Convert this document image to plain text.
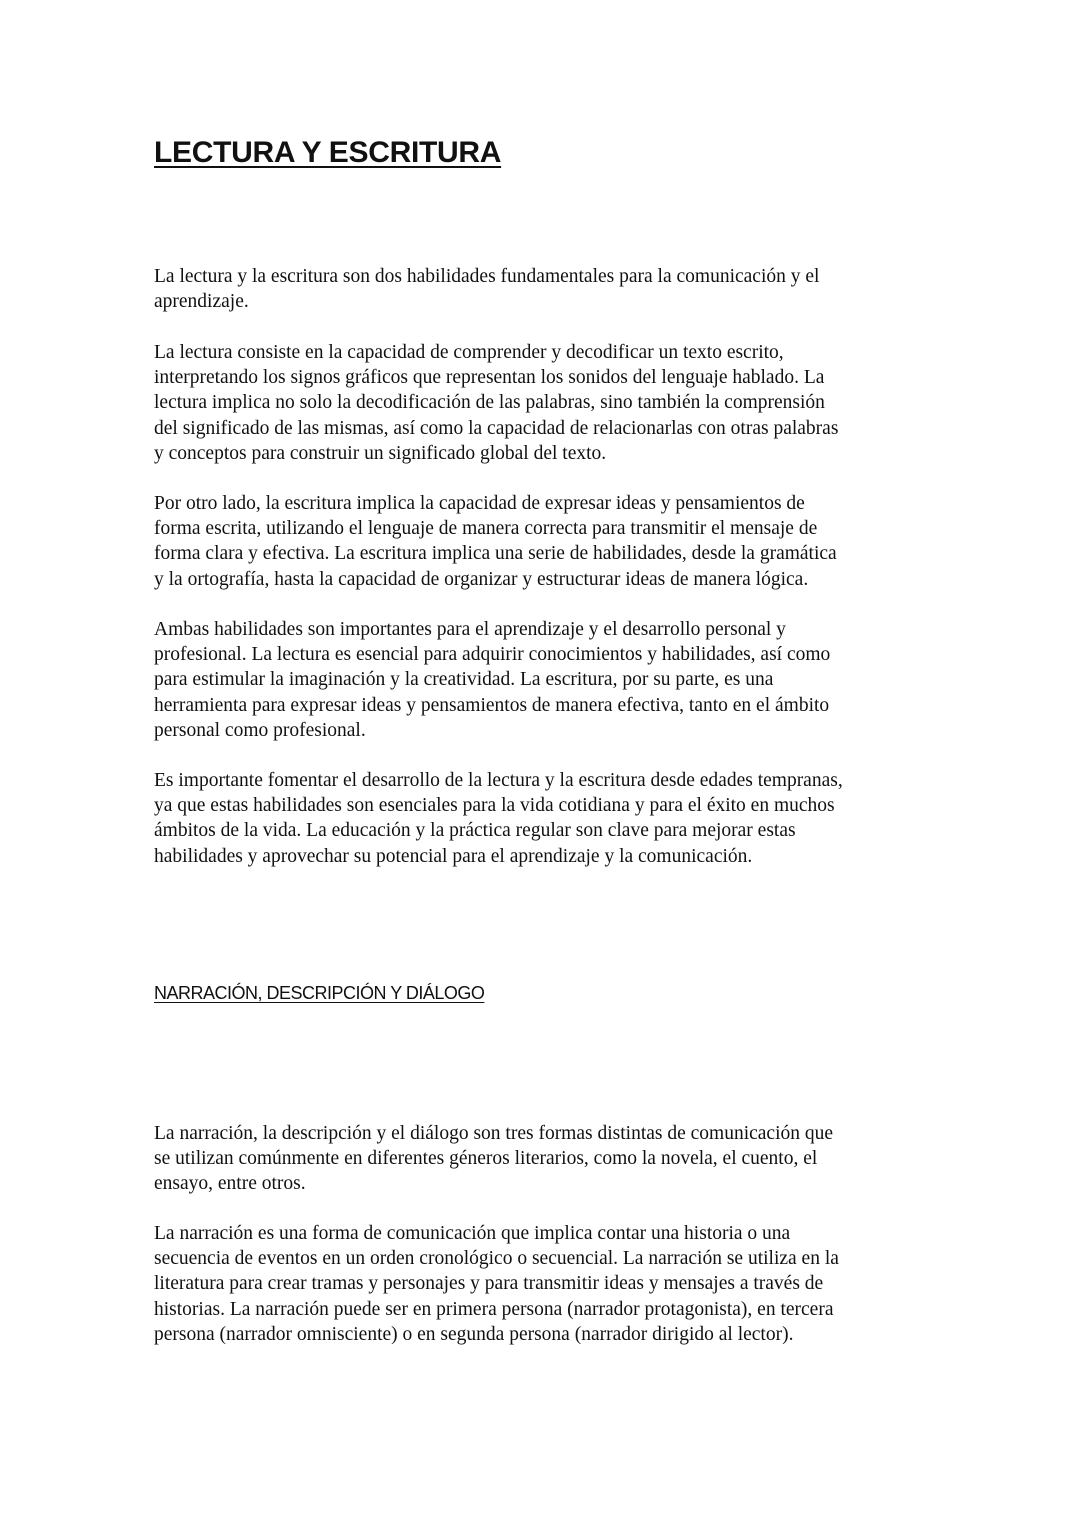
LECTURA Y ESCRITURA

La lectura y la escritura son dos habilidades fundamentales para la comunicación y el
aprendizaje.

La lectura consiste en la capacidad de comprender y decodificar un texto escrito,
interpretando los signos gráficos que representan los sonidos del lenguaje hablado. La
lectura implica no solo la decodificación de las palabras, sino también la comprensión
del significado de las mismas, así como la capacidad de relacionarlas con otras palabras
y conceptos para construir un significado global del texto.

Por otro lado, la escritura implica la capacidad de expresar ideas y pensamientos de
forma escrita, utilizando el lenguaje de manera correcta para transmitir el mensaje de
forma clara y efectiva. La escritura implica una serie de habilidades, desde la gramática
y la ortografía, hasta la capacidad de organizar y estructurar ideas de manera lógica.

Ambas habilidades son importantes para el aprendizaje y el desarrollo personal y
profesional. La lectura es esencial para adquirir conocimientos y habilidades, así como
para estimular la imaginación y la creatividad. La escritura, por su parte, es una
herramienta para expresar ideas y pensamientos de manera efectiva, tanto en el ámbito
personal como profesional.

Es importante fomentar el desarrollo de la lectura y la escritura desde edades tempranas,
ya que estas habilidades son esenciales para la vida cotidiana y para el éxito en muchos
ámbitos de la vida. La educación y la práctica regular son clave para mejorar estas
habilidades y aprovechar su potencial para el aprendizaje y la comunicación.

NARRACIÓN, DESCRIPCIÓN Y DIÁLOGO

La narración, la descripción y el diálogo son tres formas distintas de comunicación que
se utilizan comúnmente en diferentes géneros literarios, como la novela, el cuento, el
ensayo, entre otros.

La narración es una forma de comunicación que implica contar una historia o una
secuencia de eventos en un orden cronológico o secuencial. La narración se utiliza en la
literatura para crear tramas y personajes y para transmitir ideas y mensajes a través de
historias. La narración puede ser en primera persona (narrador protagonista), en tercera
persona (narrador omnisciente) o en segunda persona (narrador dirigido al lector).
